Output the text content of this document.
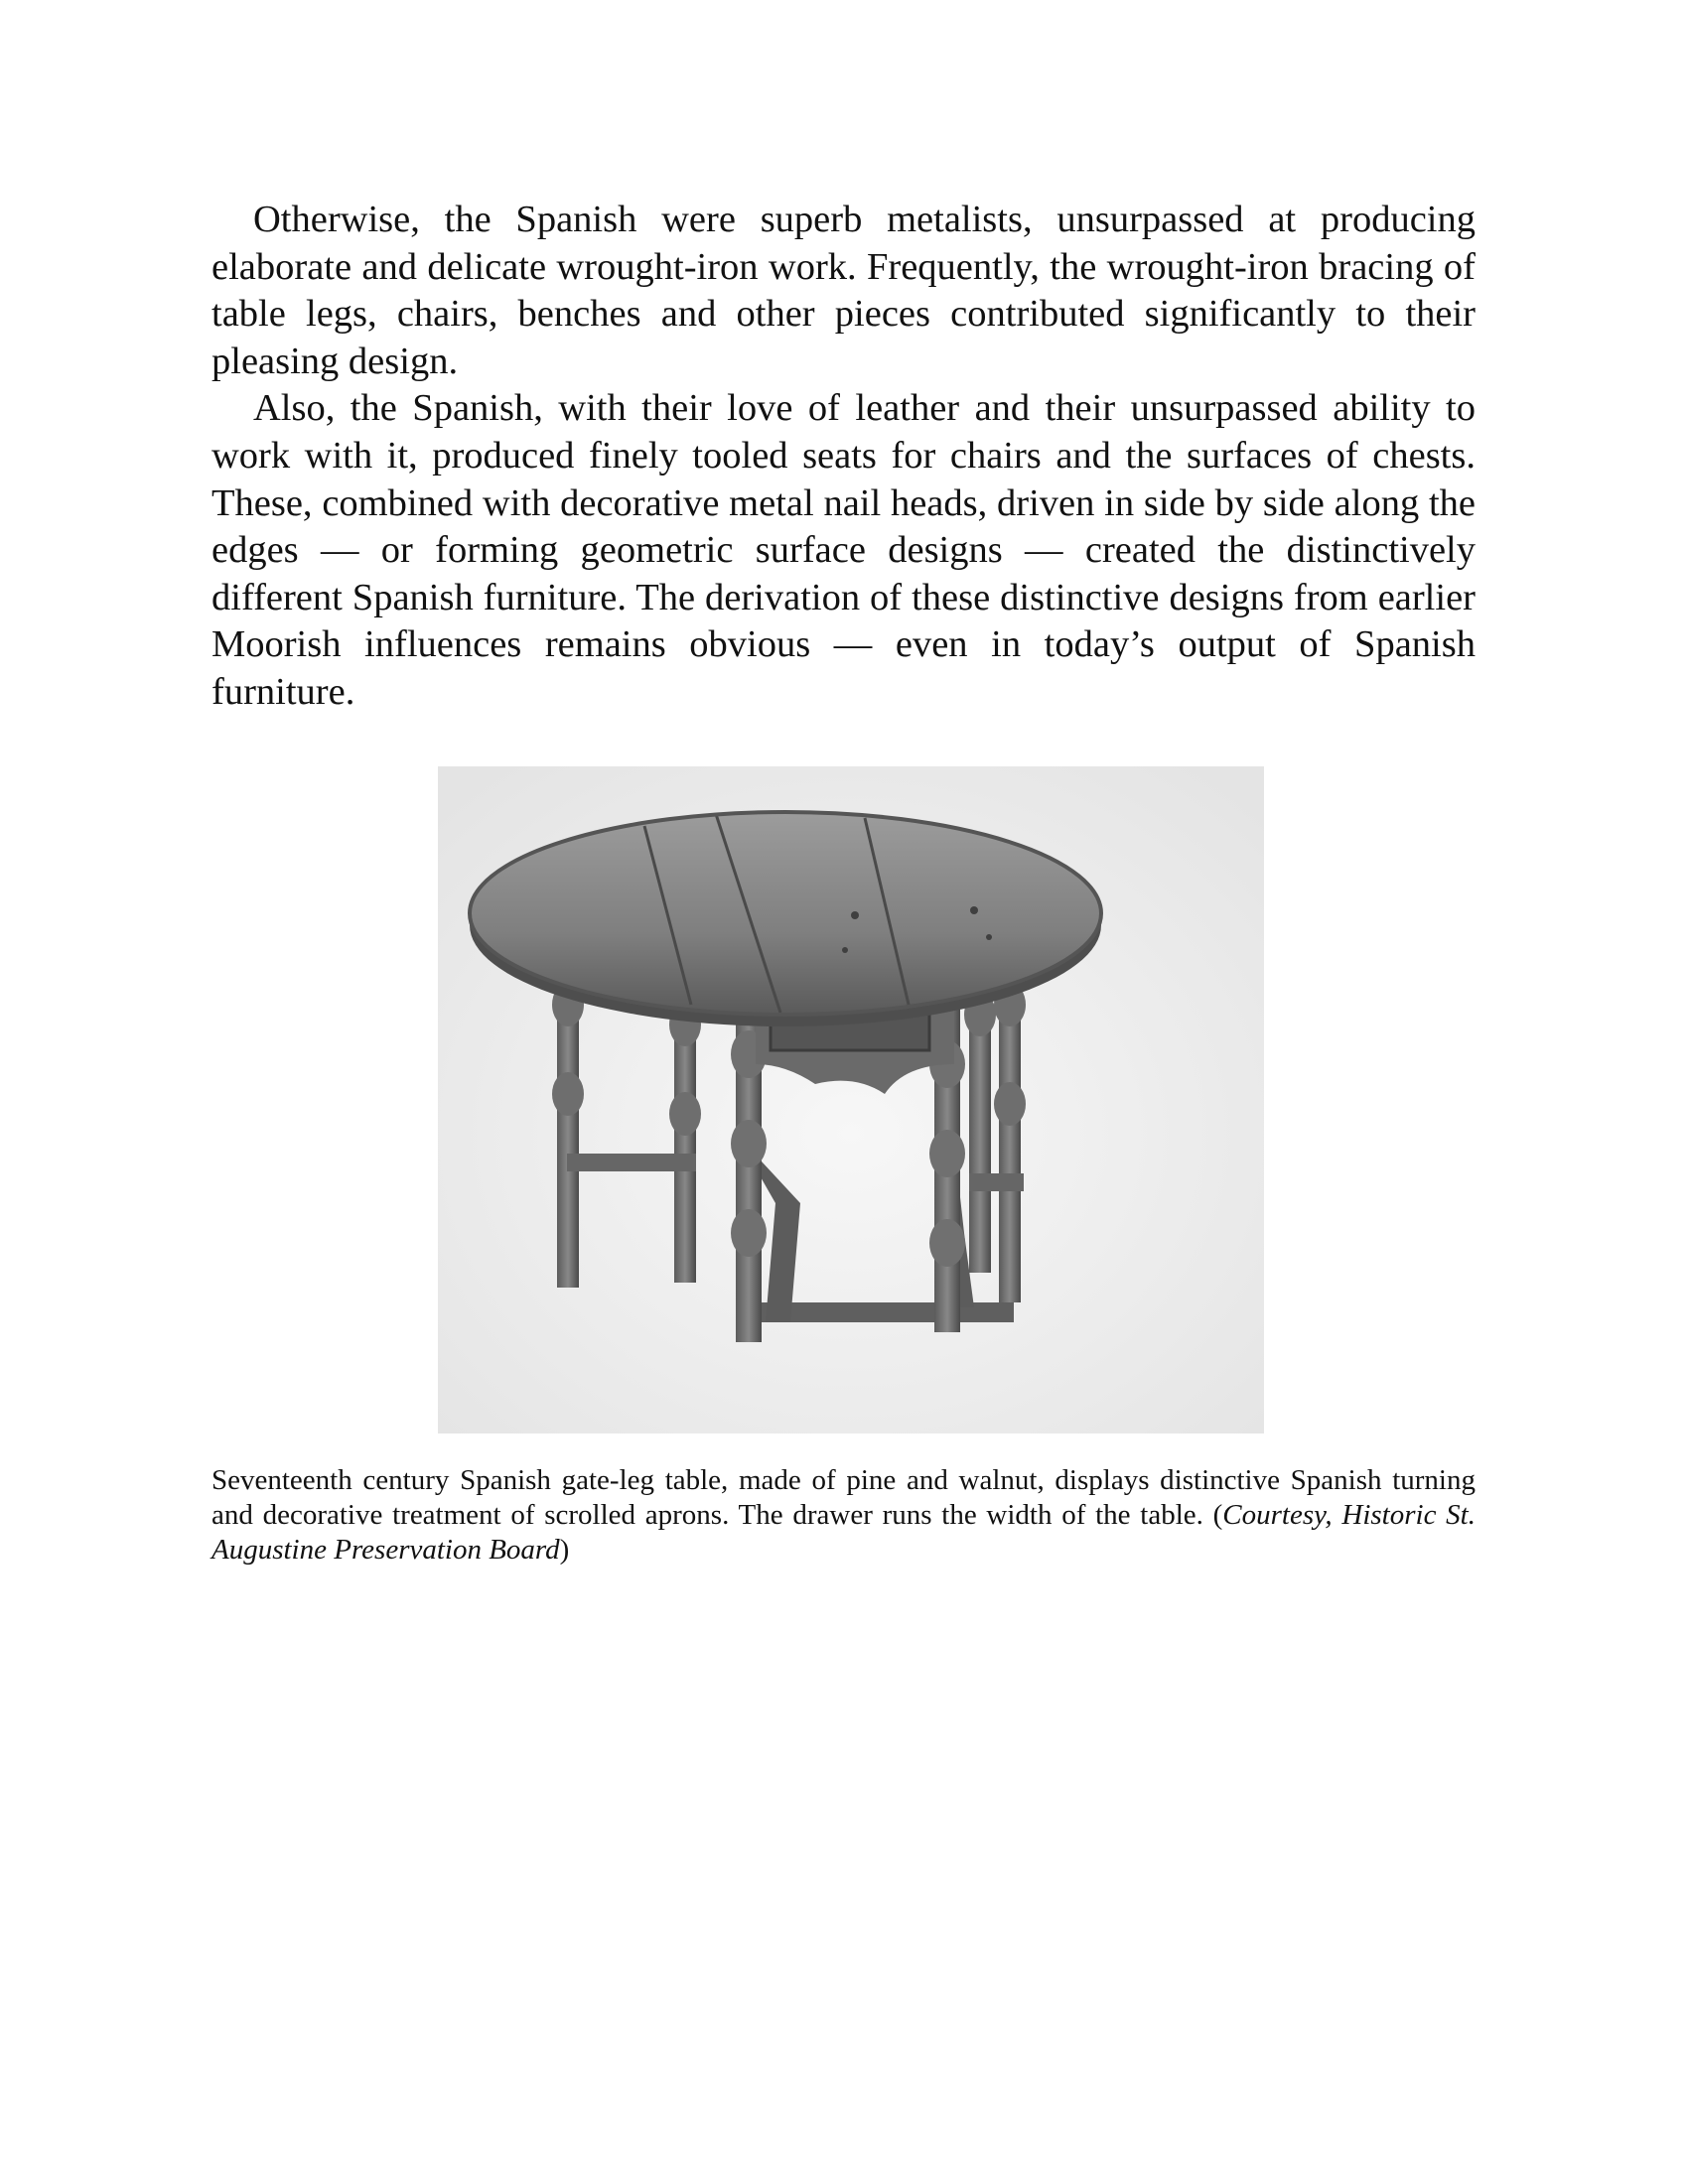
Otherwise, the Spanish were superb metalists, unsurpassed at producing elaborate and delicate wrought-iron work. Frequently, the wrought-iron bracing of table legs, chairs, benches and other pieces contributed significantly to their pleasing design.

Also, the Spanish, with their love of leather and their unsurpassed ability to work with it, produced finely tooled seats for chairs and the surfaces of chests. These, combined with decorative metal nail heads, driven in side by side along the edges — or forming geometric surface designs — created the distinctively different Spanish furniture. The derivation of these distinctive designs from earlier Moorish influences remains obvious — even in today’s output of Spanish furniture.

Seventeenth century Spanish gate-leg table, made of pine and walnut, displays distinctive Spanish turning and decorative treatment of scrolled aprons. The drawer runs the width of the table. (Courtesy, Historic St. Augustine Preservation Board)
